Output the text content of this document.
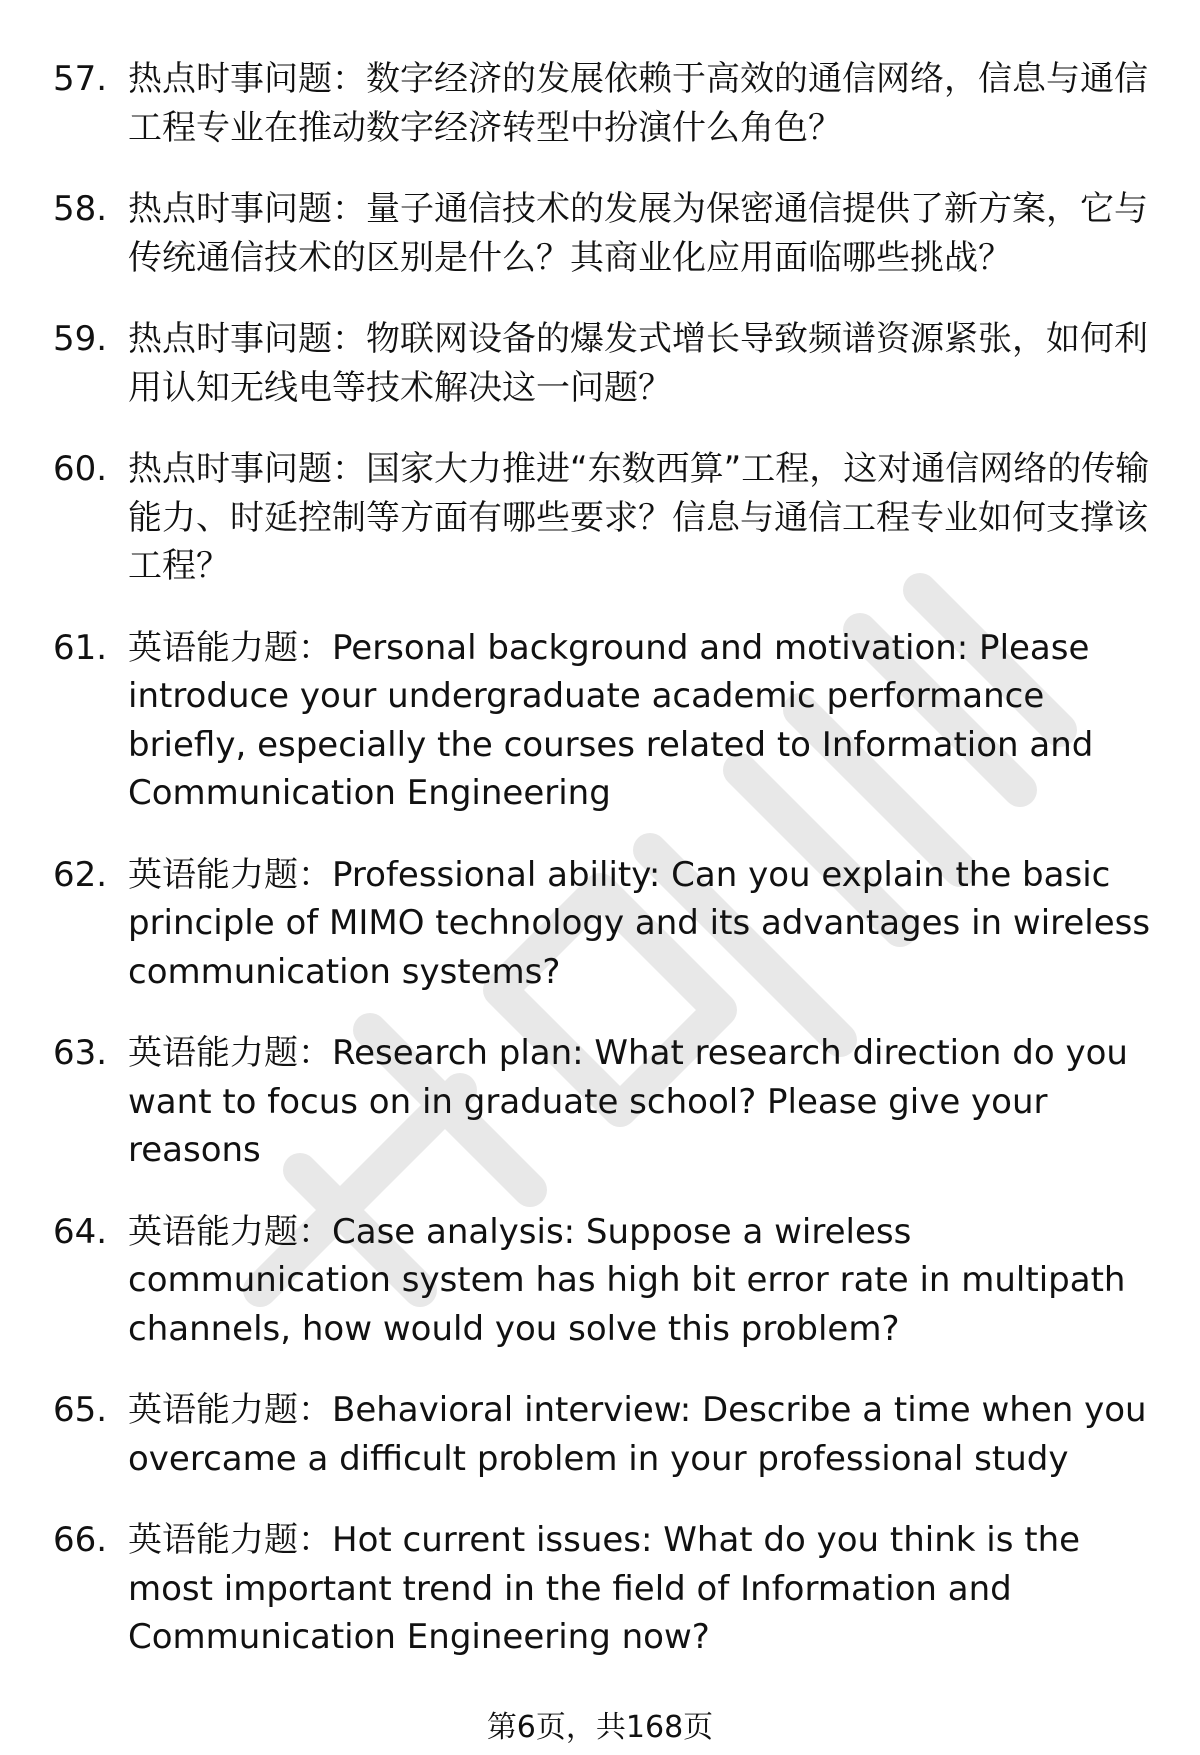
57. 热点时事问题：数字经济的发展依赖于高效的通信网络，信息与通信工程专业在推动数字经济转型中扮演什么角色？
58. 热点时事问题：量子通信技术的发展为保密通信提供了新方案，它与传统通信技术的区别是什么？其商业化应用面临哪些挑战？
59. 热点时事问题：物联网设备的爆发式增长导致频谱资源紧张，如何利用认知无线电等技术解决这一问题？
60. 热点时事问题：国家大力推进“东数西算”工程，这对通信网络的传输能力、时延控制等方面有哪些要求？信息与通信工程专业如何支撑该工程？
61. 英语能力题：Personal background and motivation: Please introduce your undergraduate academic performance briefly, especially the courses related to Information and Communication Engineering
62. 英语能力题：Professional ability: Can you explain the basic principle of MIMO technology and its advantages in wireless communication systems?
63. 英语能力题：Research plan: What research direction do you want to focus on in graduate school? Please give your reasons
64. 英语能力题：Case analysis: Suppose a wireless communication system has high bit error rate in multipath channels, how would you solve this problem?
65. 英语能力题：Behavioral interview: Describe a time when you overcame a difficult problem in your professional study
66. 英语能力题：Hot current issues: What do you think is the most important trend in the field of Information and Communication Engineering now?
第6页，共168页
